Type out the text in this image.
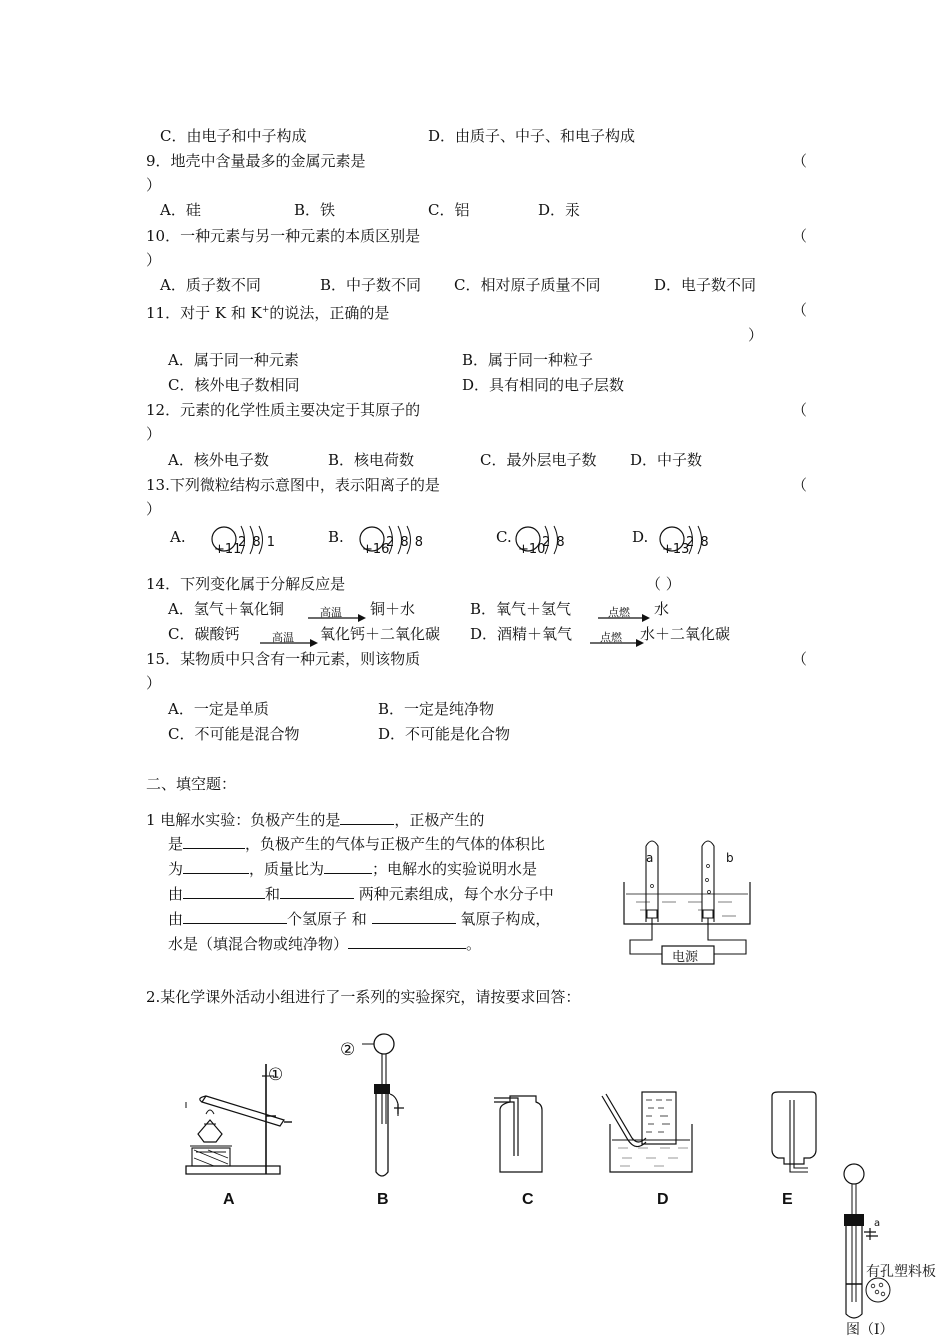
C．由电子和中子构成	D．由质子、中子、和电子构成
9．地壳中含量最多的金属元素是	（
）
A．硅	B．铁	C．铝	D．汞
10．一种元素与另一种元素的本质区别是	（
）
A．质子数不同	B．中子数不同 C．相对原子质量不同	D．电子数不同
11．对于 K 和 K+的说法，正确的是	（
）
A．属于同一种元素	B．属于同一种粒子
C．核外电子数相同	D．具有相同的电子层数
12．元素的化学性质主要决定于其原子的	（
）
A．核外电子数	B．核电荷数	C．最外层电子数 D．中子数
13.下列微粒结构示意图中，表示阳离子的是	（
）
A.	B.	C.	D.
+11
2 8 1	+16
2 8 8	+10
2 8	+13
2 8
14．下列变化属于分解反应是	（ ）
A．氢气＋氧化铜	高温 铜＋水	B．氧气＋氢气	点燃 水
C．碳酸钙	高温 氧化钙＋二氧化碳 D．酒精＋氧气	点燃 水＋二氧化碳
15．某物质中只含有一种元素，则该物质	（
）
A．一定是单质	B．一定是纯净物
C．不可能是混合物	D．不可能是化合物
二、填空题：
1 电解水实验：负极产生的是	，正极产生的
是	，负极产生的气体与正极产生的气体的体积比
为	，质量比为	；电解水的实验说明水是
由	和	两种元素组成，每个水分子中
由	个氢原子 和	氧原子构成，
水是（填混合物或纯净物）	。
a	b
电源
2.某化学课外活动小组进行了一系列的实验探究，请按要求回答：
①
②
A	B	C	D	E
a
有孔塑料板
图（Ⅰ）
